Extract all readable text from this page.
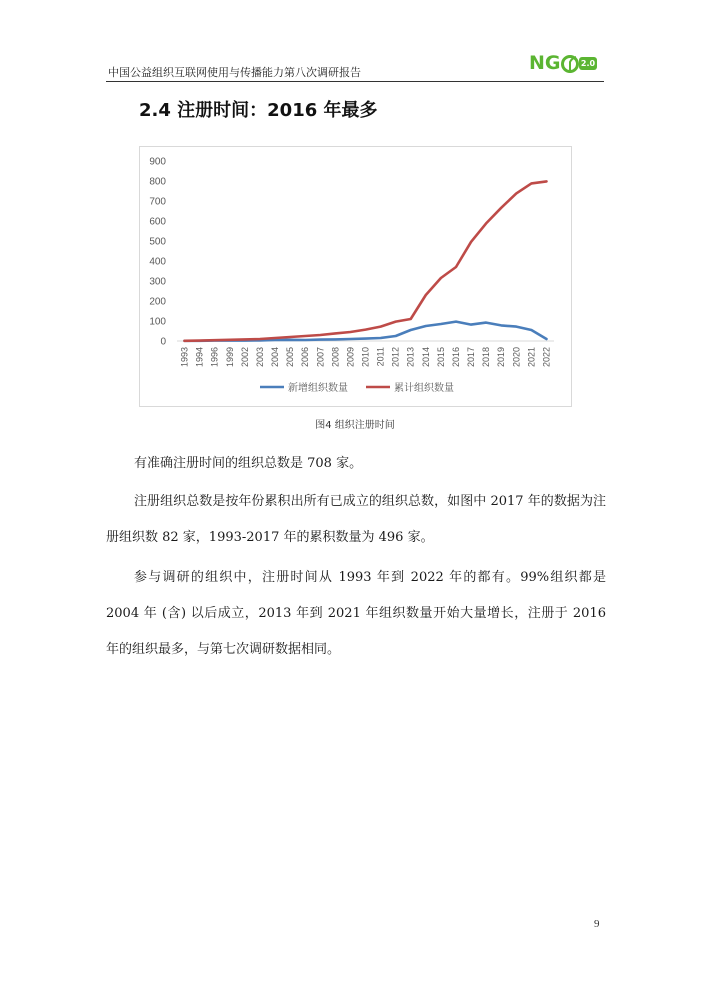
中国公益组织互联网使用与传播能力第八次调研报告	NG	2.0
2.4 注册时间：2016 年最多
0
100
200
300
400
500
600
700
800
900
1993 1994 1996 1999 2002 2003 2004 2005 2006 2007 2008 2009 2010 2011 2012 2013 2014 2015 2016 2017 2018 2019 2020 2021 2022
新增组织数量	累计组织数量
图4 组织注册时间

有准确注册时间的组织总数是 708 家。

注册组织总数是按年份累积出所有已成立的组织总数，如图中 2017 年的数据为注册组织数 82 家，1993-2017 年的累积数量为 496 家。

参与调研的组织中，注册时间从 1993 年到 2022 年的都有。99%组织都是 2004 年 (含) 以后成立，2013 年到 2021 年组织数量开始大量增长，注册于 2016 年的组织最多，与第七次调研数据相同。

9
